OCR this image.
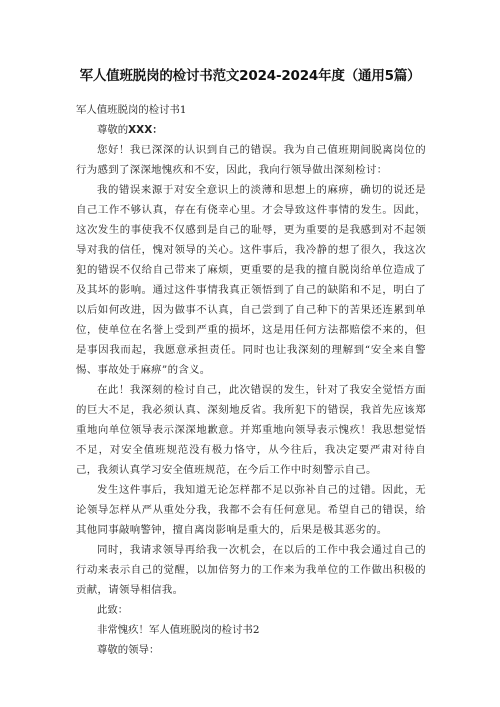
军人值班脱岗的检讨书范文2024-2024年度（通用5篇）

军人值班脱岗的检讨书1

尊敬的XXX：

您好！我已深深的认识到自己的错误。我为自己值班期间脱离岗位的行为感到了深深地愧疚和不安，因此，我向行领导做出深刻检讨：

我的错误来源于对安全意识上的淡薄和思想上的麻痹，确切的说还是自己工作不够认真，存在有侥幸心里。才会导致这件事情的发生。因此，这次发生的事使我不仅感到是自己的耻辱，更为重要的是我感到对不起领导对我的信任，愧对领导的关心。这件事后，我冷静的想了很久，我这次犯的错误不仅给自己带来了麻烦，更重要的是我的擅自脱岗给单位造成了及其坏的影响。通过这件事情我真正领悟到了自己的缺陷和不足，明白了以后如何改进，因为做事不认真，自己尝到了自己种下的苦果还连累到单位，使单位在名誉上受到严重的损坏，这是用任何方法都赔偿不来的，但是事因我而起，我愿意承担责任。同时也让我深刻的理解到“安全来自警惕、事故处于麻痹”的含义。

在此！我深刻的检讨自己，此次错误的发生，针对了我安全觉悟方面的巨大不足，我必须认真、深刻地反省。我所犯下的错误，我首先应该郑重地向单位领导表示深深地歉意。并郑重地向领导表示愧疚！我思想觉悟不足，对安全值班规范没有极力恪守，从今往后，我决定要严肃对待自己，我须认真学习安全值班规范，在今后工作中时刻警示自己。

发生这件事后，我知道无论怎样都不足以弥补自己的过错。因此，无论领导怎样从严从重处分我，我都不会有任何意见。希望自己的错误，给其他同事敲响警钟，擅自离岗影响是重大的，后果是极其恶劣的。

同时，我请求领导再给我一次机会，在以后的工作中我会通过自己的行动来表示自己的觉醒，以加倍努力的工作来为我单位的工作做出积极的贡献，请领导相信我。

此致：

非常愧疚！军人值班脱岗的检讨书2

尊敬的领导：
